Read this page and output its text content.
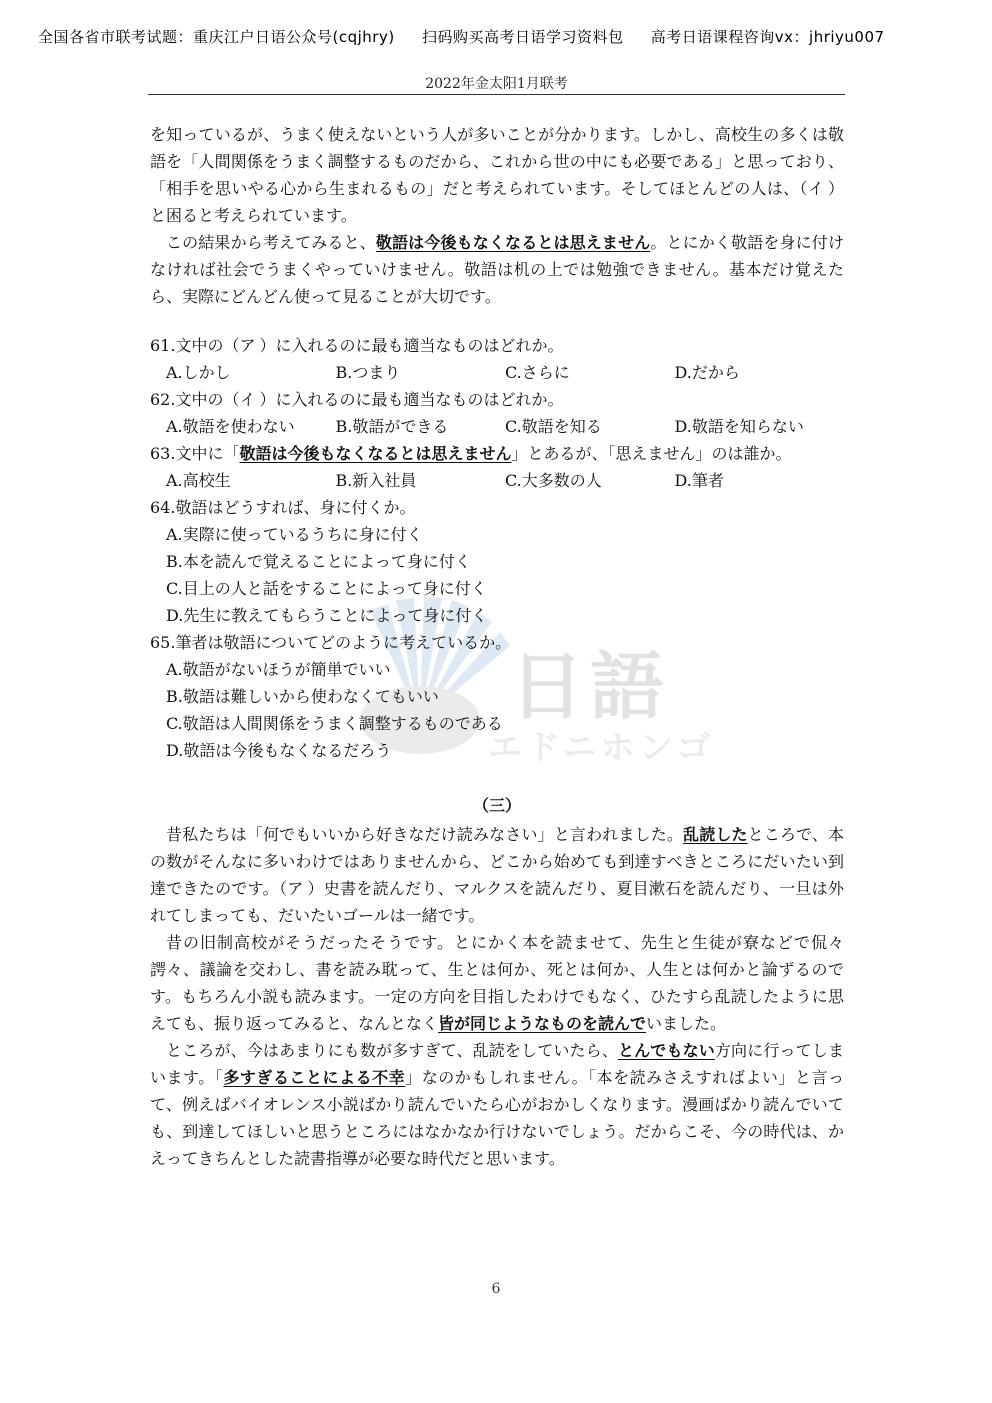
全国各省市联考试题：重庆江户日语公众号(cqjhry) 扫码购买高考日语学习资料包 高考日语课程咨询vx：jhriyu007
2022年金太阳1月联考
日語
エドニホンゴ

を知っているが、うまく使えないという人が多いことが分かります。しかし、高校生の多くは敬語を「人間関係をうまく調整するものだから、これから世の中にも必要である」と思っており、「相手を思いやる心から生まれるもの」だと考えられています。そしてほとんどの人は、（イ）と困ると考えられています。

この結果から考えてみると、敬語は今後もなくなるとは思えません。とにかく敬語を身に付けなければ社会でうまくやっていけません。敬語は机の上では勉強できません。基本だけ覚えたら、実際にどんどん使って見ることが大切です。

61.文中の（ア）に入れるのに最も適当なものはどれか。

A.しかし	B.つまり	C.さらに	D.だから

62.文中の（イ）に入れるのに最も適当なものはどれか。

A.敬語を使わない	B.敬語ができる	C.敬語を知る	D.敬語を知らない

63.文中に「敬語は今後もなくなるとは思えません」とあるが、「思えません」のは誰か。

A.高校生	B.新入社員	C.大多数の人	D.筆者

64.敬語はどうすれば、身に付くか。

A.実際に使っているうちに身に付く
B.本を読んで覚えることによって身に付く
C.目上の人と話をすることによって身に付く
D.先生に教えてもらうことによって身に付く

65.筆者は敬語についてどのように考えているか。

A.敬語がないほうが簡単でいい
B.敬語は難しいから使わなくてもいい
C.敬語は人間関係をうまく調整するものである
D.敬語は今後もなくなるだろう
（三）

昔私たちは「何でもいいから好きなだけ読みなさい」と言われました。乱読したところで、本の数がそんなに多いわけではありませんから、どこから始めても到達すべきところにだいたい到達できたのです。（ア）史書を読んだり、マルクスを読んだり、夏目漱石を読んだり、一旦は外れてしまっても、だいたいゴールは一緒です。

昔の旧制高校がそうだったそうです。とにかく本を読ませて、先生と生徒が寮などで侃々諤々、議論を交わし、書を読み耽って、生とは何か、死とは何か、人生とは何かと論ずるのです。もちろん小説も読みます。一定の方向を目指したわけでもなく、ひたすら乱読したように思えても、振り返ってみると、なんとなく皆が同じようなものを読んでいました。

ところが、今はあまりにも数が多すぎて、乱読をしていたら、とんでもない方向に行ってしまいます。「多すぎることによる不幸」なのかもしれません。「本を読みさえすればよい」と言って、例えばバイオレンス小説ばかり読んでいたら心がおかしくなります。漫画ばかり読んでいても、到達してほしいと思うところにはなかなか行けないでしょう。だからこそ、今の時代は、かえってきちんとした読書指導が必要な時代だと思います。

6
